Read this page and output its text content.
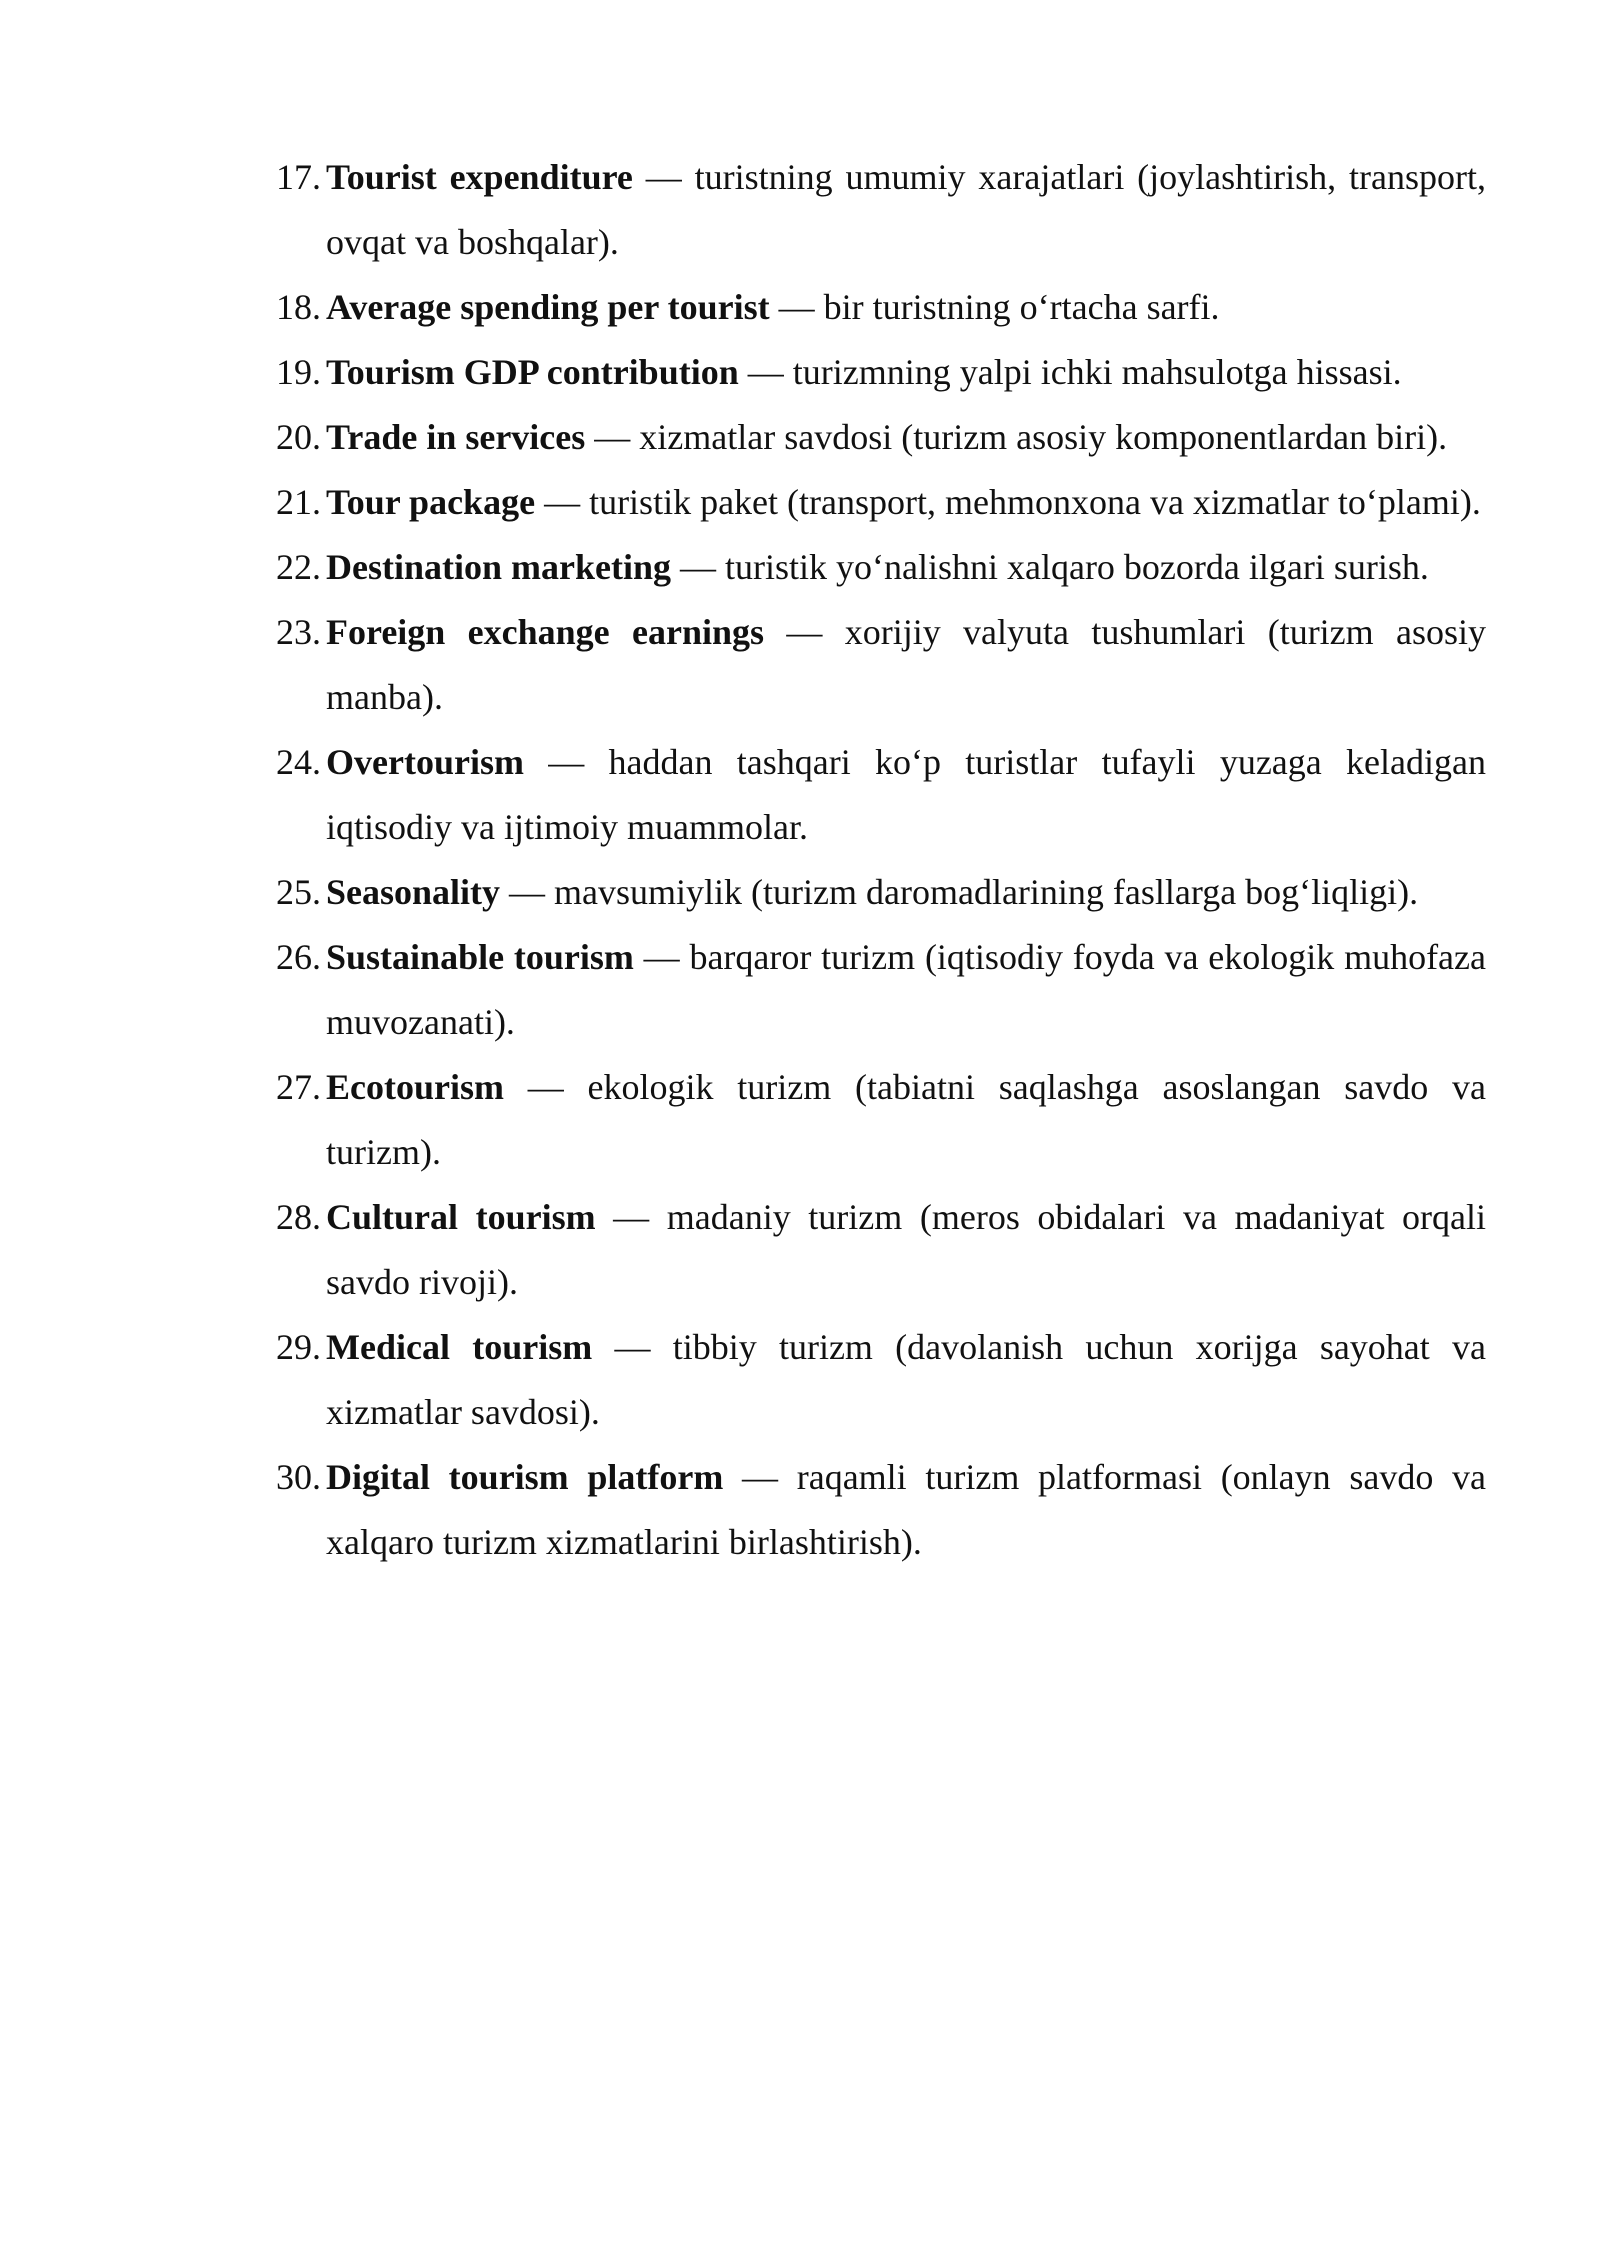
17. Tourist expenditure — turistning umumiy xarajatlari (joylashtirish, transport, ovqat va boshqalar).
18. Average spending per tourist — bir turistning oʻrtacha sarfi.
19. Tourism GDP contribution — turizmning yalpi ichki mahsulotga hissasi.
20. Trade in services — xizmatlar savdosi (turizm asosiy komponentlardan biri).
21. Tour package — turistik paket (transport, mehmonxona va xizmatlar toʻplami).
22. Destination marketing — turistik yoʻnalishni xalqaro bozorda ilgari surish.
23. Foreign exchange earnings — xorijiy valyuta tushumlari (turizm asosiy manba).
24. Overtourism — haddan tashqari koʻp turistlar tufayli yuzaga keladigan iqtisodiy va ijtimoiy muammolar.
25. Seasonality — mavsumiylik (turizm daromadlarining fasllarga bogʻliqligi).
26. Sustainable tourism — barqaror turizm (iqtisodiy foyda va ekologik muhofaza muvozanati).
27. Ecotourism — ekologik turizm (tabiatni saqlashga asoslangan savdo va turizm).
28. Cultural tourism — madaniy turizm (meros obidalari va madaniyat orqali savdo rivoji).
29. Medical tourism — tibbiy turizm (davolanish uchun xorijga sayohat va xizmatlar savdosi).
30. Digital tourism platform — raqamli turizm platformasi (onlayn savdo va xalqaro turizm xizmatlarini birlashtirish).
